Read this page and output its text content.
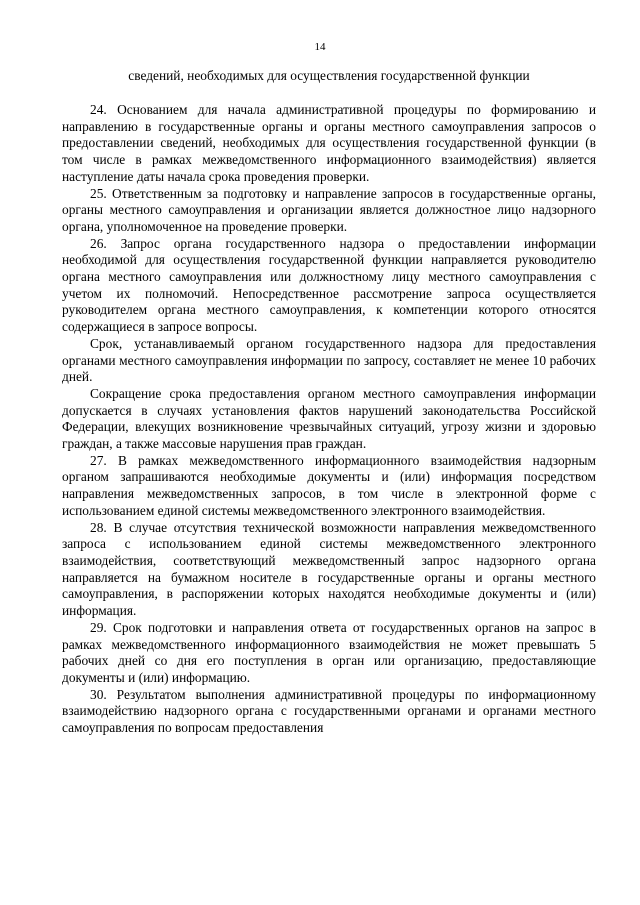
14
сведений, необходимых для осуществления государственной функции

24. Основанием для начала административной процедуры по формированию и направлению в государственные органы и органы местного самоуправления запросов о предоставлении сведений, необходимых для осуществления государственной функции (в том числе в рамках межведомственного информационного взаимодействия) является наступление даты начала срока проведения проверки.

25. Ответственным за подготовку и направление запросов в государственные органы, органы местного самоуправления и организации является должностное лицо надзорного органа, уполномоченное на проведение проверки.

26. Запрос органа государственного надзора о предоставлении информации необходимой для осуществления государственной функции направляется руководителю органа местного самоуправления или должностному лицу местного самоуправления с учетом их полномочий. Непосредственное рассмотрение запроса осуществляется руководителем органа местного самоуправления, к компетенции которого относятся содержащиеся в запросе вопросы.

Срок, устанавливаемый органом государственного надзора для предоставления органами местного самоуправления информации по запросу, составляет не менее 10 рабочих дней.

Сокращение срока предоставления органом местного самоуправления информации допускается в случаях установления фактов нарушений законодательства Российской Федерации, влекущих возникновение чрезвычайных ситуаций, угрозу жизни и здоровью граждан, а также массовые нарушения прав граждан.

27. В рамках межведомственного информационного взаимодействия надзорным органом запрашиваются необходимые документы и (или) информация посредством направления межведомственных запросов, в том числе в электронной форме с использованием единой системы межведомственного электронного взаимодействия.

28. В случае отсутствия технической возможности направления межведомственного запроса с использованием единой системы межведомственного электронного взаимодействия, соответствующий межведомственный запрос надзорного органа направляется на бумажном носителе в государственные органы и органы местного самоуправления, в распоряжении которых находятся необходимые документы и (или) информация.

29. Срок подготовки и направления ответа от государственных органов на запрос в рамках межведомственного информационного взаимодействия не может превышать 5 рабочих дней со дня его поступления в орган или организацию, предоставляющие документы и (или) информацию.

30. Результатом выполнения административной процедуры по информационному взаимодействию надзорного органа с государственными органами и органами местного самоуправления по вопросам предоставления
